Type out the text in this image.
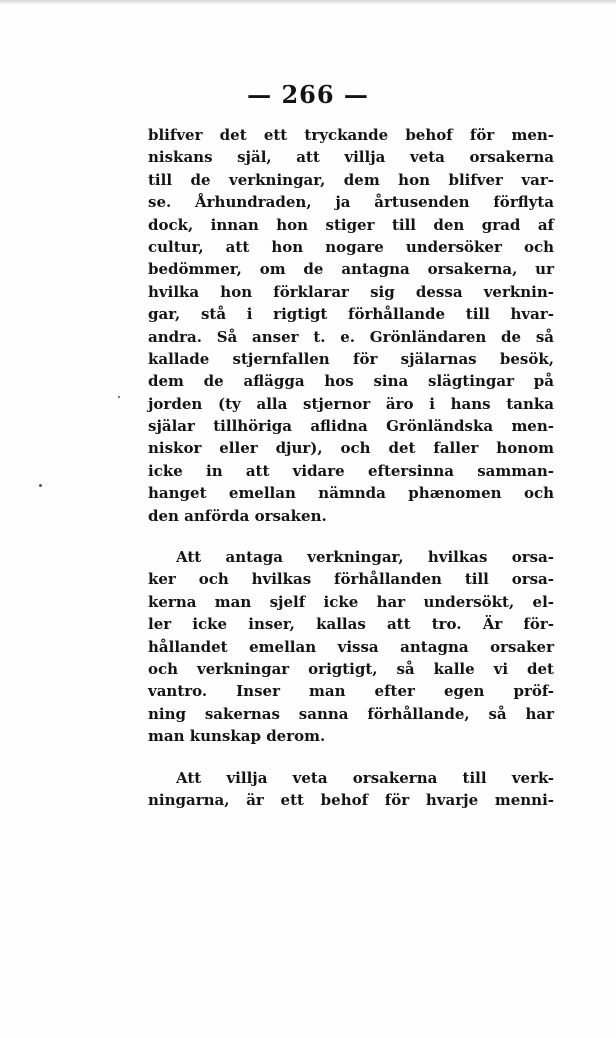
— 266 —
blifver det ett tryckande behof för men-
niskans själ, att villja veta orsakerna
till de verkningar, dem hon blifver var-
se. Århundraden, ja årtusenden förflyta
dock, innan hon stiger till den grad af
cultur, att hon nogare undersöker och
bedömmer, om de antagna orsakerna, ur
hvilka hon förklarar sig dessa verknin-
gar, stå i rigtigt förhållande till hvar-
andra. Så anser t. e. Grönländaren de så
kallade stjernfallen för själarnas besök,
dem de aflägga hos sina slägtingar på
jorden (ty alla stjernor äro i hans tanka
själar tillhöriga aflidna Grönländska men-
niskor eller djur), och det faller honom
icke in att vidare eftersinna samman-
hanget emellan nämnda phænomen och
den anförda orsaken.
Att antaga verkningar, hvilkas orsa-
ker och hvilkas förhållanden till orsa-
kerna man sjelf icke har undersökt, el-
ler icke inser, kallas att tro. Är för-
hållandet emellan vissa antagna orsaker
och verkningar origtigt, så kalle vi det
vantro. Inser man efter egen pröf-
ning sakernas sanna förhållande, så har
man kunskap derom.
Att villja veta orsakerna till verk-
ningarna, är ett behof för hvarje menni-
